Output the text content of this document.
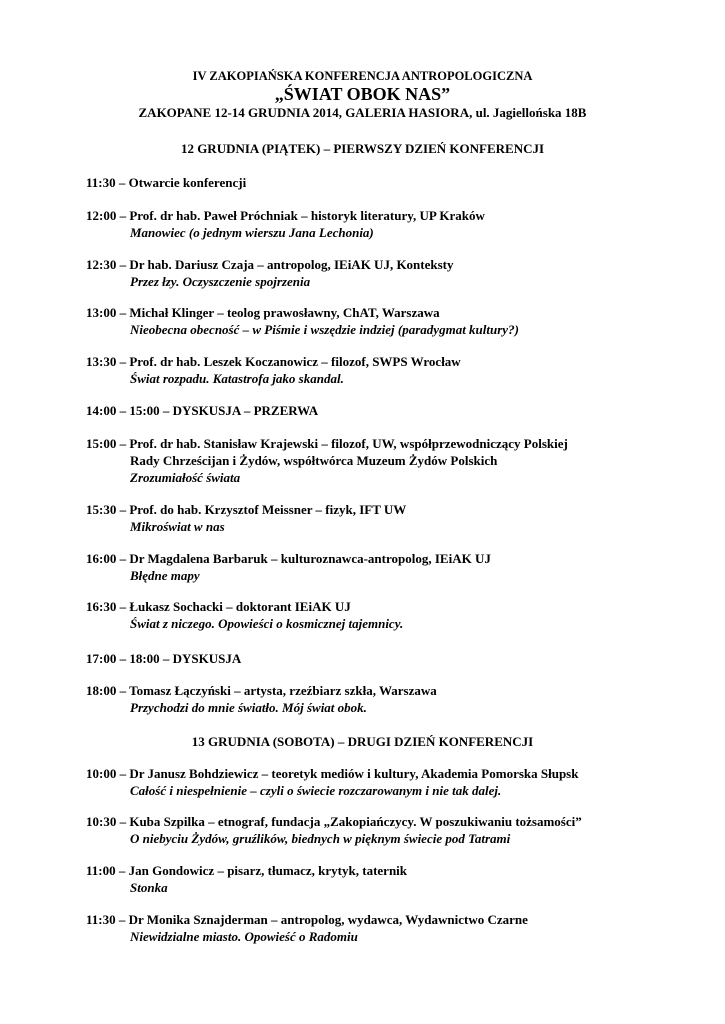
IV ZAKOPIAŃSKA KONFERENCJA ANTROPOLOGICZNA
„ŚWIAT OBOK NAS”
ZAKOPANE 12-14 GRUDNIA 2014, GALERIA HASIORA, ul. Jagiellońska 18B
12 GRUDNIA (PIĄTEK) – PIERWSZY DZIEŃ KONFERENCJI
11:30 – Otwarcie konferencji
12:00 – Prof. dr hab. Paweł Próchniak – historyk literatury, UP Kraków
Manowiec (o jednym wierszu Jana Lechonia)
12:30 – Dr hab. Dariusz Czaja – antropolog, IEiAK UJ, Konteksty
Przez łzy. Oczyszczenie spojrzenia
13:00 – Michał Klinger – teolog prawosławny, ChAT, Warszawa
Nieobecna obecność – w Piśmie i wszędzie indziej (paradygmat kultury?)
13:30 – Prof. dr hab. Leszek Koczanowicz – filozof, SWPS Wrocław
Świat rozpadu. Katastrofa jako skandal.
14:00 – 15:00 – DYSKUSJA – PRZERWA
15:00 – Prof. dr hab. Stanisław Krajewski – filozof, UW, współprzewodniczący Polskiej
Rady Chrześcijan i Żydów, współtwórca Muzeum Żydów Polskich
Zrozumiałość świata
15:30 – Prof. do hab. Krzysztof Meissner – fizyk, IFT UW
Mikroświat w nas
16:00 – Dr Magdalena Barbaruk – kulturoznawca-antropolog, IEiAK UJ
Błędne mapy
16:30 – Łukasz Sochacki – doktorant IEiAK UJ
Świat z niczego. Opowieści o kosmicznej tajemnicy.
17:00 – 18:00 – DYSKUSJA
18:00 – Tomasz Łączyński – artysta, rzeźbiarz szkła, Warszawa
Przychodzi do mnie światło. Mój świat obok.
13 GRUDNIA (SOBOTA) – DRUGI DZIEŃ KONFERENCJI
10:00 – Dr Janusz Bohdziewicz – teoretyk mediów i kultury, Akademia Pomorska Słupsk
Całość i niespełnienie – czyli o świecie rozczarowanym i nie tak dalej.
10:30 – Kuba Szpilka – etnograf, fundacja „Zakopiańczycy. W poszukiwaniu tożsamości”
O niebyciu Żydów, gruźlików, biednych w pięknym świecie pod Tatrami
11:00 – Jan Gondowicz – pisarz, tłumacz, krytyk, taternik
Stonka
11:30 – Dr Monika Sznajderman – antropolog, wydawca, Wydawnictwo Czarne
Niewidzialne miasto. Opowieść o Radomiu
